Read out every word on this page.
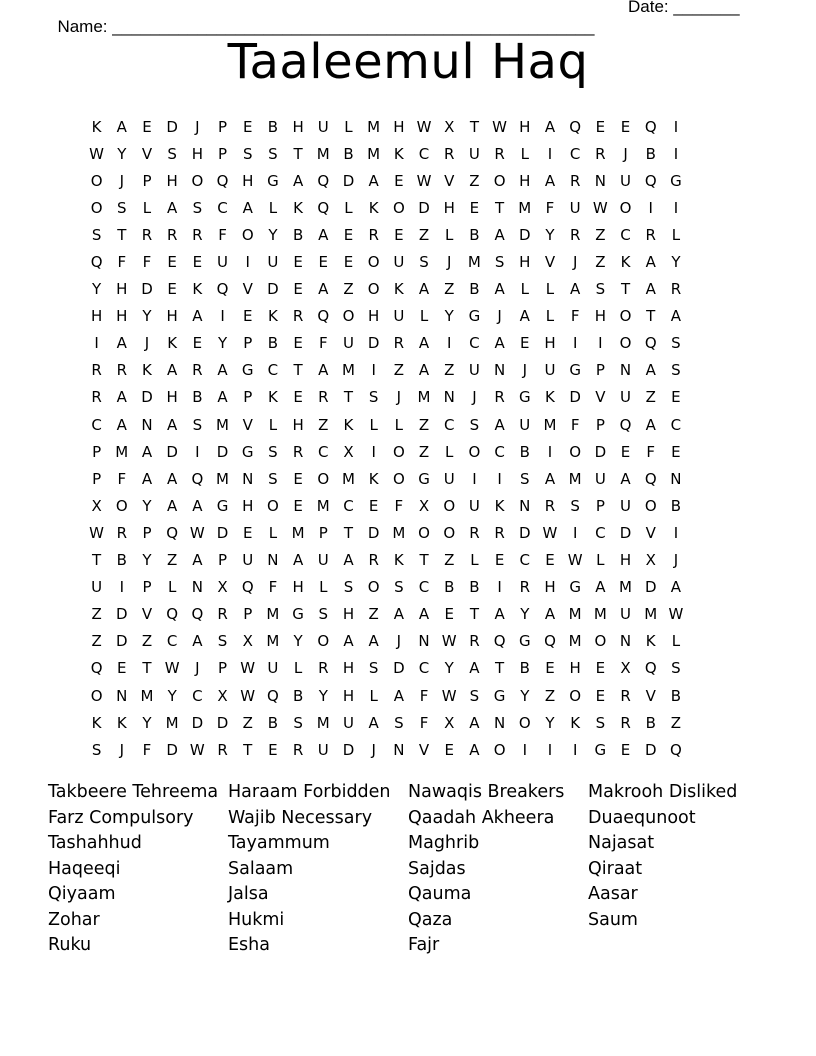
Name: ___________________________________________________

Date: _______

Taaleemul Haq
K	A	E D	J	P	E	B H U	L M H W X	T W H A Q E	E Q	I
W Y	V	S H	P	S	S	T M B M K	C R U R	L	I	C R	J	B	I
O	J	P	H O Q H G A Q D A	E W V Z O H A R N U Q G
O S	L	A	S	C A	L	K Q	L	K O D H E	T M F	U W O	I	I
S	T	R R R	F O Y	B A	E	R	E	Z	L	B A D Y	R Z C R	L
Q F	F	E	E U	I	U E	E	E O U S	J	M S H V	J	Z	K	A	Y
Y H D E	K Q V D E	A Z O K	A Z B A	L	L	A	S	T	A R
H H Y H A	I	E	K	R Q O H U	L	Y G	J	A	L	F	H O T	A
I	A	J	K	E	Y	P	B	E	F	U D R A	I	C A	E H	I	I	O Q S
R R	K	A R A G C	T	A M	I	Z A Z U N	J	U G P	N A	S
R A D H B A	P	K	E	R	T	S	J	M N	J	R G K D V U Z	E
C A N A	S M V	L	H Z	K	L	L	Z C	S	A U M F	P Q A C
P M A D	I	D G S	R C X	I	O Z	L	O C B	I	O D E	F	E
P	F	A A Q M N S	E O M K O G U	I	I	S	A M U A Q N
X O Y	A A G H O E M C	E	F	X O U K N R	S	P	U O B
W R	P Q W D E	L M P	T D M O O R R D W	I	C D V	I
T	B	Y	Z A	P	U N A U A R	K	T	Z	L	E	C	E W L	H X	J
U	I	P	L	N X Q F	H	L	S O S	C B B	I	R H G A M D A
Z D V Q Q R	P M G S H Z A A	E	T	A	Y	A M M U M W
Z D Z C A	S	X M Y O A A	J	N W R Q G Q M O N K	L
Q E	T W	J	P W U	L	R H S D C	Y	A	T	B	E H E	X Q S
O N M Y	C X W Q B	Y H	L	A	F W S G Y	Z O E	R V B
K	K	Y M D D Z B	S M U A	S	F	X A N O Y	K	S	R B Z
S	J	F	D W R	T	E	R U D	J	N V	E	A O	I	I	I	G E D Q
Takbeere Tehreema
Farz Compulsory
Tashahhud
Haqeeqi
Qiyaam
Zohar
Ruku
Haraam Forbidden
Wajib Necessary
Tayammum
Salaam
Jalsa
Hukmi
Esha
Nawaqis Breakers
Qaadah Akheera
Maghrib
Sajdas
Qauma
Qaza
Fajr
Makrooh Disliked
Duaequnoot
Najasat
Qiraat
Aasar
Saum
